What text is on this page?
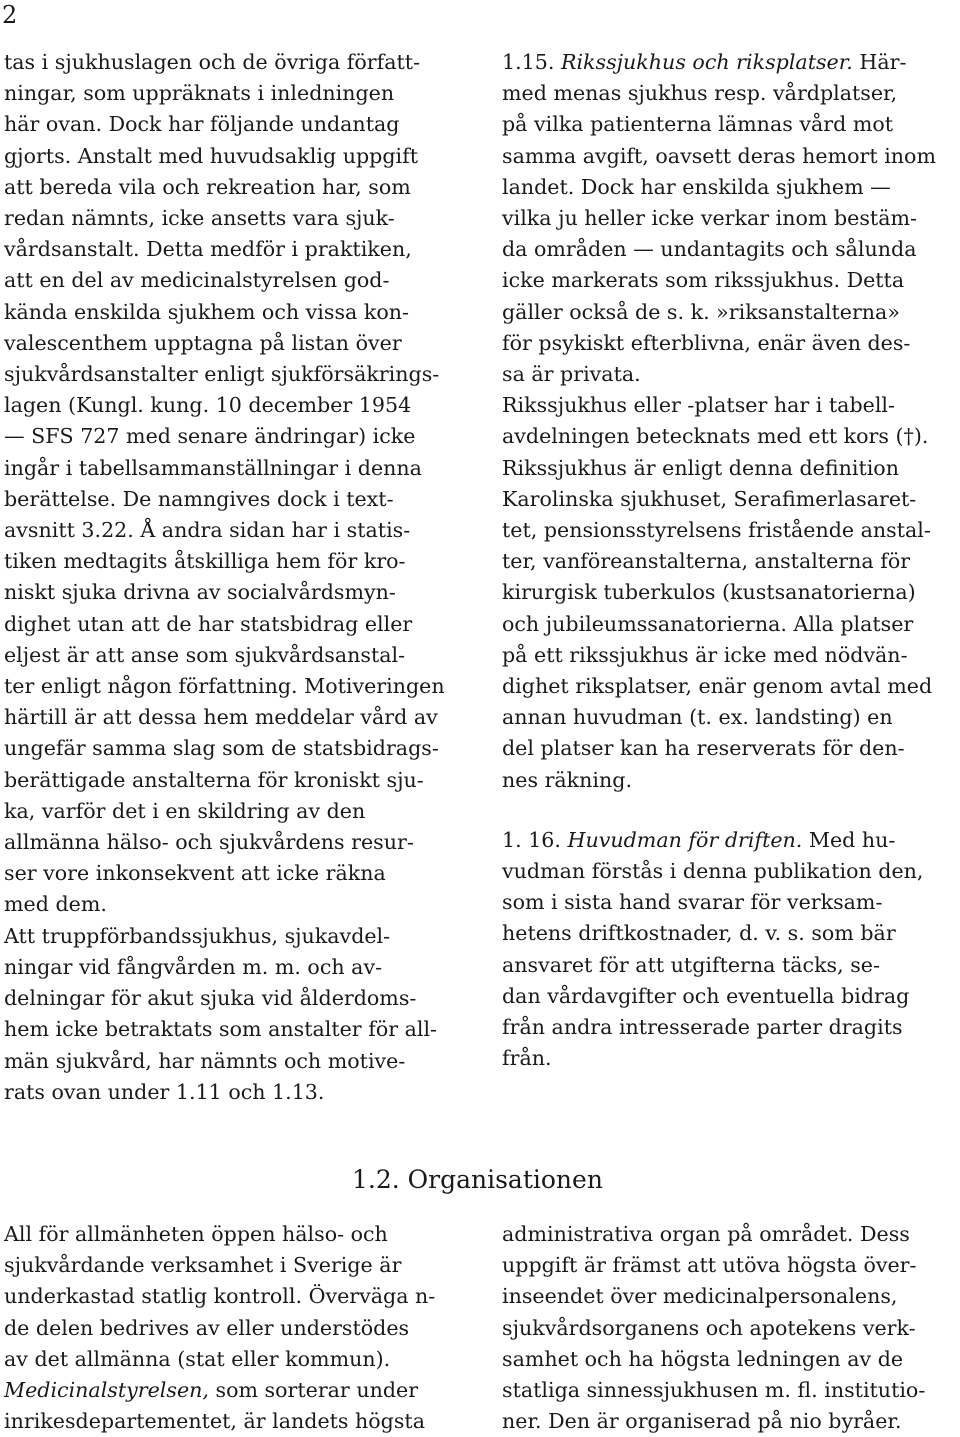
2

tas i sjukhuslagen och de övriga författ-
ningar, som uppräknats i inledningen
här ovan. Dock har följande undantag
gjorts. Anstalt med huvudsaklig uppgift
att bereda vila och rekreation har, som
redan nämnts, icke ansetts vara sjuk-
vårdsanstalt. Detta medför i praktiken,
att en del av medicinalstyrelsen god-
kända enskilda sjukhem och vissa kon-
valescenthem upptagna på listan över
sjukvårdsanstalter enligt sjukförsäkrings-
lagen (Kungl. kung. 10 december 1954
— SFS 727 med senare ändringar) icke
ingår i tabellsammanställningar i denna
berättelse. De namngives dock i text-
avsnitt 3.22. Å andra sidan har i statis-
tiken medtagits åtskilliga hem för kro-
niskt sjuka drivna av socialvårdsmyn-
dighet utan att de har statsbidrag eller
eljest är att anse som sjukvårdsanstal-
ter enligt någon författning. Motiveringen
härtill är att dessa hem meddelar vård av
ungefär samma slag som de statsbidrags-
berättigade anstalterna för kroniskt sju-
ka, varför det i en skildring av den
allmänna hälso- och sjukvårdens resur-
ser vore inkonsekvent att icke räkna
med dem.

Att truppförbandssjukhus, sjukavdel-
ningar vid fångvården m. m. och av-
delningar för akut sjuka vid ålderdoms-
hem icke betraktats som anstalter för all-
män sjukvård, har nämnts och motive-
rats ovan under 1.11 och 1.13.

1.15. Rikssjukhus och riksplatser. Här-
med menas sjukhus resp. vårdplatser,
på vilka patienterna lämnas vård mot
samma avgift, oavsett deras hemort inom
landet. Dock har enskilda sjukhem —
vilka ju heller icke verkar inom bestäm-
da områden — undantagits och sålunda
icke markerats som rikssjukhus. Detta
gäller också de s. k. »riksanstalterna»
för psykiskt efterblivna, enär även des-
sa är privata.
Rikssjukhus eller -platser har i tabell-
avdelningen betecknats med ett kors (†).
Rikssjukhus är enligt denna definition
Karolinska sjukhuset, Serafimerlasaret-
tet, pensionsstyrelsens fristående anstal-
ter, vanföreanstalterna, anstalterna för
kirurgisk tuberkulos (kustsanatorierna)
och jubileumssanatorierna. Alla platser
på ett rikssjukhus är icke med nödvän-
dighet riksplatser, enär genom avtal med
annan huvudman (t. ex. landsting) en
del platser kan ha reserverats för den-
nes räkning.

1. 16. Huvudman för driften. Med hu-
vudman förstås i denna publikation den,
som i sista hand svarar för verksam-
hetens driftkostnader, d. v. s. som bär
ansvaret för att utgifterna täcks, se-
dan vårdavgifter och eventuella bidrag
från andra intresserade parter dragits
från.

1.2. Organisationen

All för allmänheten öppen hälso- och
sjukvårdande verksamhet i Sverige är
underkastad statlig kontroll. Överväga n-
de delen bedrives av eller understödes
av det allmänna (stat eller kommun).

Medicinalstyrelsen, som sorterar under
inrikesdepartementet, är landets högsta

administrativa organ på området. Dess
uppgift är främst att utöva högsta över-
inseendet över medicinalpersonalens,
sjukvårdsorganens och apotekens verk-
samhet och ha högsta ledningen av de
statliga sinnessjukhusen m. fl. institutio-
ner. Den är organiserad på nio byråer.
